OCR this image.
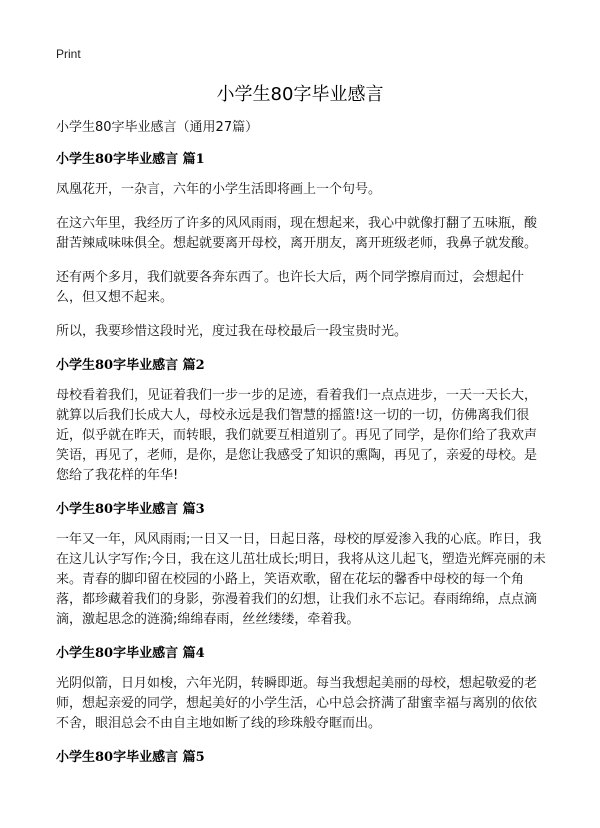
Print
小学生80字毕业感言

小学生80字毕业感言（通用27篇）

小学生80字毕业感言 篇1

凤凰花开，一杂言，六年的小学生活即将画上一个句号。

在这六年里，我经历了许多的风风雨雨，现在想起来，我心中就像打翻了五味瓶，酸甜苦辣咸味味俱全。想起就要离开母校，离开朋友，离开班级老师，我鼻子就发酸。

还有两个多月，我们就要各奔东西了。也许长大后，两个同学擦肩而过，会想起什么，但又想不起来。

所以，我要珍惜这段时光，度过我在母校最后一段宝贵时光。

小学生80字毕业感言 篇2

母校看着我们，见证着我们一步一步的足迹，看着我们一点点进步，一天一天长大，就算以后我们长成大人，母校永远是我们智慧的摇篮!这一切的一切，仿佛离我们很近，似乎就在昨天，而转眼，我们就要互相道别了。再见了同学，是你们给了我欢声笑语，再见了，老师，是你，是您让我感受了知识的熏陶，再见了，亲爱的母校。是您给了我花样的年华!

小学生80字毕业感言 篇3

一年又一年，风风雨雨;一日又一日，日起日落，母校的厚爱渗入我的心底。昨日，我在这儿认字写作;今日，我在这儿茁壮成长;明日，我将从这儿起飞，塑造光辉亮丽的未来。青春的脚印留在校园的小路上，笑语欢歌，留在花坛的馨香中母校的每一个角落，都珍藏着我们的身影，弥漫着我们的幻想，让我们永不忘记。春雨绵绵，点点滴滴，激起思念的涟漪;绵绵春雨，丝丝缕缕，牵着我。

小学生80字毕业感言 篇4

光阴似箭，日月如梭，六年光阴，转瞬即逝。每当我想起美丽的母校，想起敬爱的老师，想起亲爱的同学，想起美好的小学生活，心中总会挤满了甜蜜幸福与离别的依依不舍，眼泪总会不由自主地如断了线的珍珠般夺眶而出。

小学生80字毕业感言 篇5
